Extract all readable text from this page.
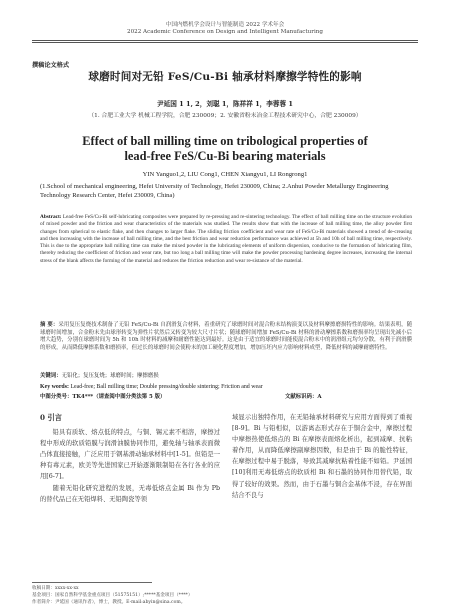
中国内燃机学会设计与智能制造 2022 学术年会
2022 Academic Conference on Design and Intelligent Manufacturing
撰稿论文格式
球磨时间对无铅 FeS/Cu-Bi 轴承材料摩擦学特性的影响
尹延国 1 1, 2，刘聪 1，陈祥祥 1，李蓉蓉 1
（1. 合肥工业大学 机械工程学院，合肥 230009；2. 安徽省粉末冶金工程技术研究中心，合肥 230009）
Effect of ball milling time on tribological properties of
lead-free FeS/Cu-Bi bearing materials
YIN Yanguo1,2, LIU Cong1, CHEN Xiangyu1, LI Rongrong1
(1.School of mechanical engineering, Hefei University of Technology, Hefei 230009, China; 2.Anhui Powder Metallurgy Engineering Technology Research Center, Hefei 230009, China)
Abstract: Lead-free FeS/Cu-Bi self-lubricating composites were prepared by re-pressing and re-sintering technology. The effect of ball milling time on the structure evolution of mixed powder and the friction and wear characteristics of the materials was studied. The results show that with the increase of ball milling time, the alloy powder first changes from spherical to elastic flake, and then changes to larger flake. The sliding friction coefficient and wear rate of FeS/Cu-Bi materials showed a trend of de-creasing and then increasing with the increase of ball milling time, and the best friction and wear reduction performance was achieved at 5h and 10h of ball milling time, respectively. This is due to the appropriate ball milling time can make the mixed powder in the lubricating elements of uniform dispersion, conducive to the formation of lubricating film, thereby reducing the coefficient of friction and wear rate, but too long a ball milling time will make the powder processing hardening degree increases, increasing the internal stress of the blank affects the forming of the material and reduces the friction reduction and wear re-sistance of the material.
摘 要：采用复压复烧技术制备了无铅 FeS/Cu-Bi 自润滑复合材料，着重研究了球磨时间对混合粉末结构演变以及材料摩擦磨损特性的影响。结果表明，随球磨时间增加，合金粉末先由球形转变为弹性片状然后又转变为较大尺寸片状；随球磨时间增加 FeS/Cu-Bi 材料的滑动摩擦系数和磨损率均呈现出先减小后增大趋势，分别在球磨时间为 5h 和 10h 时材料的减摩和耐磨性能达到最好。这是由于适宜的球磨时间能使混合粉末中的润滑组元均匀分散，有利于润滑膜的形成，从而降低摩擦系数和磨损率，但过长的球磨时间会使粉末的加工硬化程度增加，增加压坯内应力影响材料成型，降低材料的减摩耐磨特性。
关键词：无铅化；复压复烧；球磨时间；摩擦磨损
Key words: Lead-free; Ball milling time; Double pressing/double sintering; Friction and wear
中图分类号：TK4***（请查阅中图分类法第 5 版）	文献标识码：A
0 引言

铅具有质软、熔点低的特点，与铜、锡元素不相溶，摩擦过程中形成的软质铅膜与润滑油膜协同作用，避免轴与轴承表面微凸体直接接触，广泛应用于钢基滑动轴承材料中[1-5]。但铅是一种有毒元素，欧美等先进国家已开始逐渐限制铅在各行各业的应用[6-7]。

随着无铅化研究进程的发展，无毒低熔点金属 Bi 作为 Pb 的替代品已在无铅焊料、无铅陶瓷等领

域显示出独特作用，在无铅轴承材料研究与应用方面得到了重视[8-9]。Bi 与铅相似，以游离态形式存在于铜合金中，摩擦过程中摩擦热使低熔点的 Bi 在摩擦表面熔化析出，起到减摩、抗粘着作用，从而降低摩擦副摩擦因数，但是由于 Bi 的脆性特征，在摩擦过程中易于脱落，导致其减摩抗粘着性能不如铅。尹延国[10]利用无毒低熔点的软质相 Bi 和石墨的协同作用替代铅，取得了较好的效果。然而，由于石墨与铜合金基体不浸，存在界面结合不良与

收稿日期：xxxx-xx-xx
基金项目：国家自然科学基金重点项目（51575151）;*****基金项目（****）
作者简介：尹延国（通讯作者），博士，教授。E-mail:abyin@sina.com。
